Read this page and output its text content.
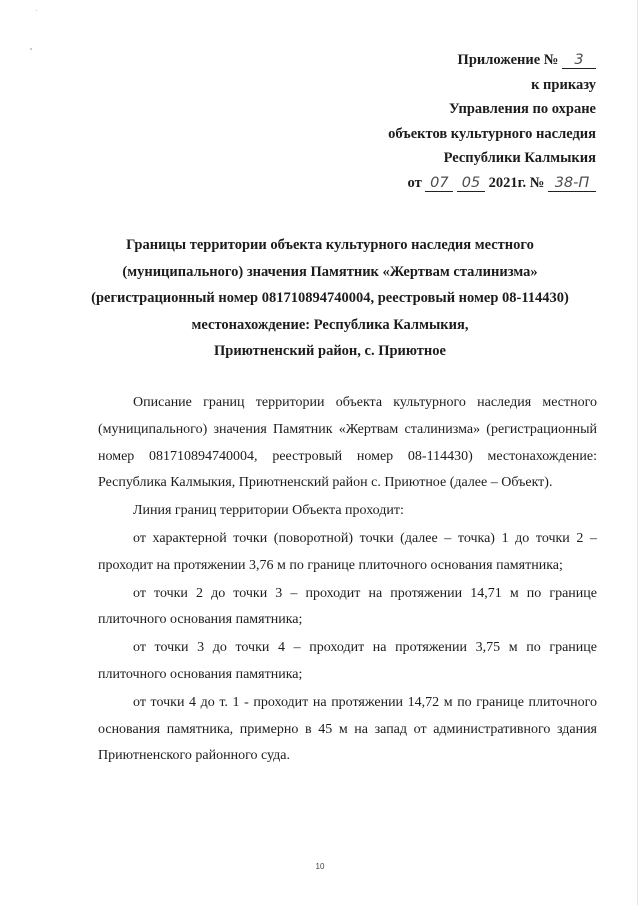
Приложение № 3
к приказу
Управления по охране
объектов культурного наследия
Республики Калмыкия
от 07 05 2021г. № 38-П
Границы территории объекта культурного наследия местного
(муниципального) значения Памятник «Жертвам сталинизма»
(регистрационный номер 081710894740004, реестровый номер 08-114430)
местонахождение: Республика Калмыкия,
Приютненский район, с. Приютное

Описание границ территории объекта культурного наследия местного (муниципального) значения Памятник «Жертвам сталинизма» (регистрационный номер 081710894740004, реестровый номер 08-114430) местонахождение: Республика Калмыкия, Приютненский район с. Приютное (далее – Объект).

Линия границ территории Объекта проходит:

от характерной точки (поворотной) точки (далее – точка) 1 до точки 2 – проходит на протяжении 3,76 м по границе плиточного основания памятника;

от точки 2 до точки 3 – проходит на протяжении 14,71 м по границе плиточного основания памятника;

от точки 3 до точки 4 – проходит на протяжении 3,75 м по границе плиточного основания памятника;

от точки 4 до т. 1 - проходит на протяжении 14,72 м по границе плиточного основания памятника, примерно в 45 м на запад от административного здания Приютненского районного суда.

10
